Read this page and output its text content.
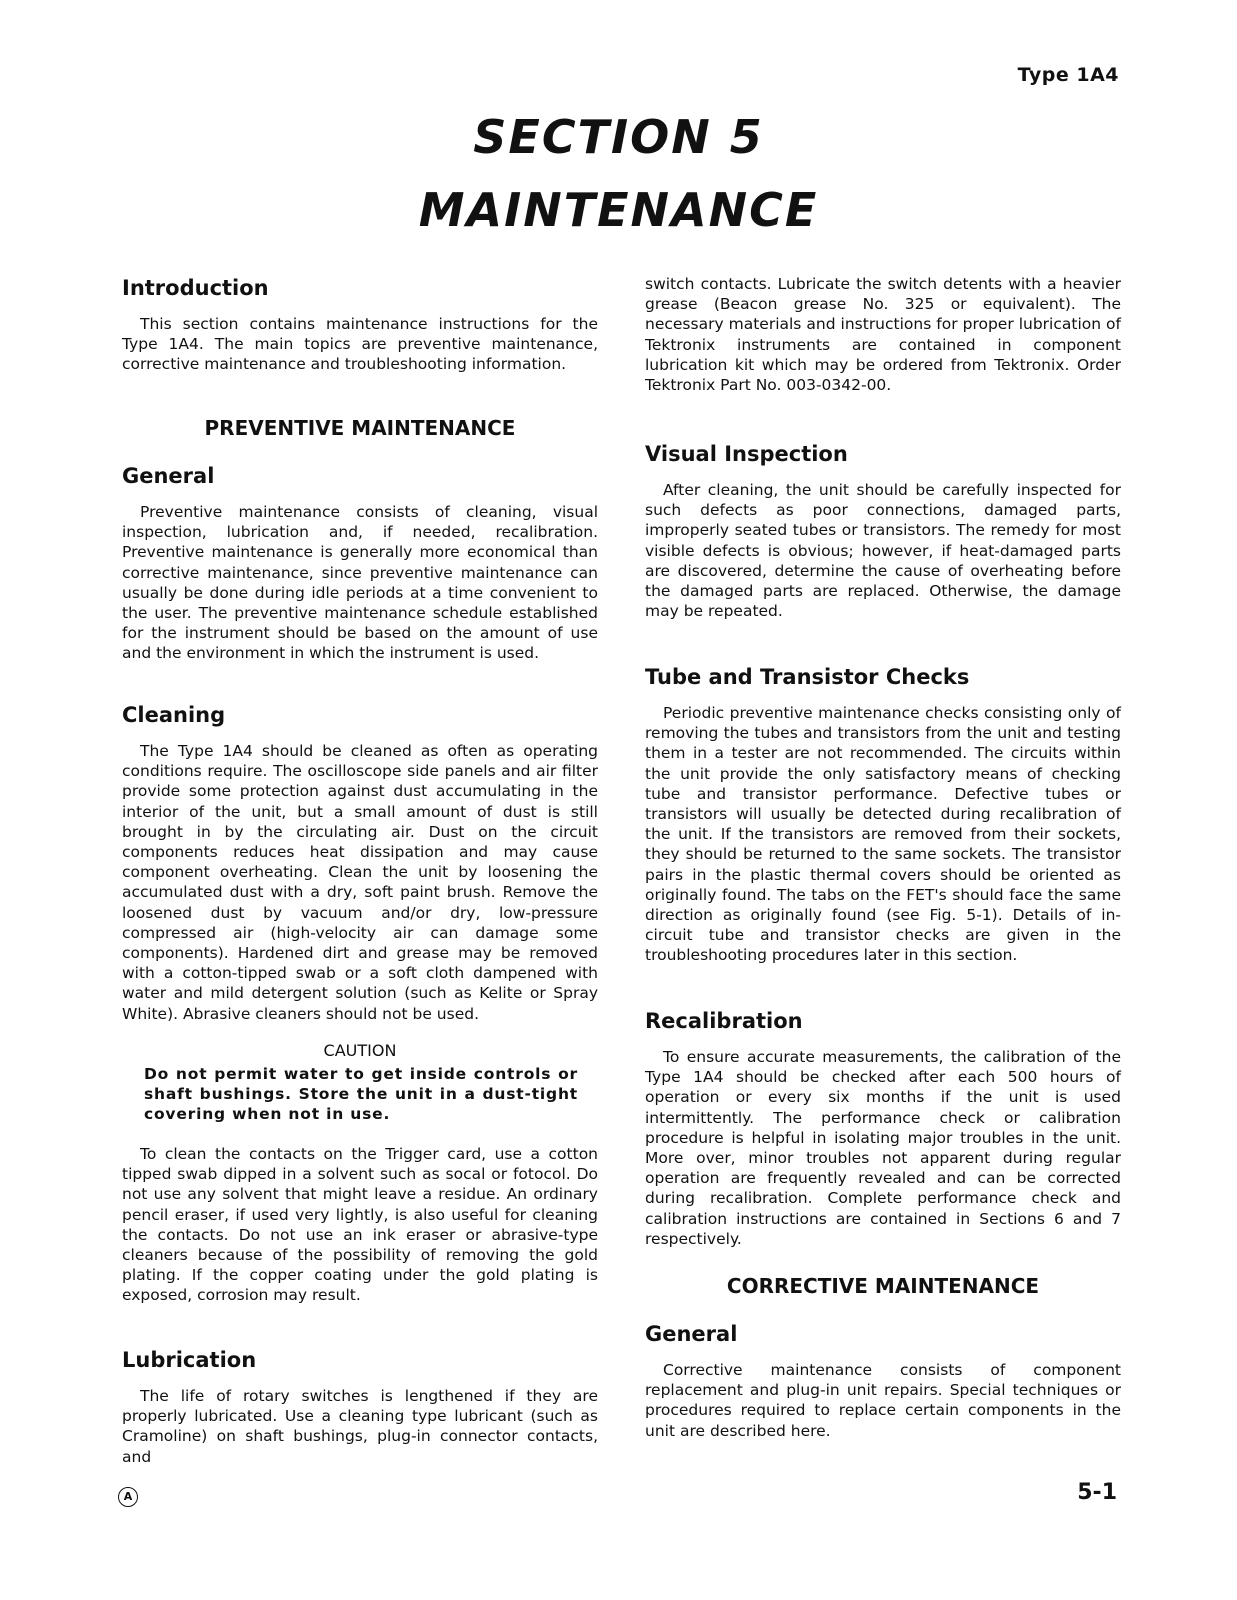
Type 1A4
SECTION 5
MAINTENANCE
Introduction

This section contains maintenance instructions for the Type 1A4. The main topics are preventive maintenance, corrective maintenance and troubleshooting information.

PREVENTIVE MAINTENANCE
General

Preventive maintenance consists of cleaning, visual inspection, lubrication and, if needed, recalibration. Preventive maintenance is generally more economical than corrective maintenance, since preventive maintenance can usually be done during idle periods at a time convenient to the user. The preventive maintenance schedule established for the instrument should be based on the amount of use and the environment in which the instrument is used.

Cleaning

The Type 1A4 should be cleaned as often as operating conditions require. The oscilloscope side panels and air filter provide some protection against dust accumulating in the interior of the unit, but a small amount of dust is still brought in by the circulating air. Dust on the circuit components reduces heat dissipation and may cause component overheating. Clean the unit by loosening the accumulated dust with a dry, soft paint brush. Remove the loosened dust by vacuum and/or dry, low-pressure compressed air (high-velocity air can damage some components). Hardened dirt and grease may be removed with a cotton-tipped swab or a soft cloth dampened with water and mild detergent solution (such as Kelite or Spray White). Abrasive cleaners should not be used.

CAUTION

Do not permit water to get inside controls or shaft bushings. Store the unit in a dust-tight covering when not in use.

To clean the contacts on the Trigger card, use a cotton tipped swab dipped in a solvent such as socal or fotocol. Do not use any solvent that might leave a residue. An ordinary pencil eraser, if used very lightly, is also useful for cleaning the contacts. Do not use an ink eraser or abrasive-type cleaners because of the possibility of removing the gold plating. If the copper coating under the gold plating is exposed, corrosion may result.

Lubrication

The life of rotary switches is lengthened if they are properly lubricated. Use a cleaning type lubricant (such as Cramoline) on shaft bushings, plug-in connector contacts, and

switch contacts. Lubricate the switch detents with a heavier grease (Beacon grease No. 325 or equivalent). The necessary materials and instructions for proper lubrication of Tektronix instruments are contained in component lubrication kit which may be ordered from Tektronix. Order Tektronix Part No. 003-0342-00.

Visual Inspection

After cleaning, the unit should be carefully inspected for such defects as poor connections, damaged parts, improperly seated tubes or transistors. The remedy for most visible defects is obvious; however, if heat-damaged parts are discovered, determine the cause of overheating before the damaged parts are replaced. Otherwise, the damage may be repeated.

Tube and Transistor Checks

Periodic preventive maintenance checks consisting only of removing the tubes and transistors from the unit and testing them in a tester are not recommended. The circuits within the unit provide the only satisfactory means of checking tube and transistor performance. Defective tubes or transistors will usually be detected during recalibration of the unit. If the transistors are removed from their sockets, they should be returned to the same sockets. The transistor pairs in the plastic thermal covers should be oriented as originally found. The tabs on the FET's should face the same direction as originally found (see Fig. 5-1). Details of in-circuit tube and transistor checks are given in the troubleshooting procedures later in this section.

Recalibration

To ensure accurate measurements, the calibration of the Type 1A4 should be checked after each 500 hours of operation or every six months if the unit is used intermittently. The performance check or calibration procedure is helpful in isolating major troubles in the unit. More over, minor troubles not apparent during regular operation are frequently revealed and can be corrected during recalibration. Complete performance check and calibration instructions are contained in Sections 6 and 7 respectively.

CORRECTIVE MAINTENANCE
General

Corrective maintenance consists of component replacement and plug-in unit repairs. Special techniques or procedures required to replace certain components in the unit are described here.

A	5-1
